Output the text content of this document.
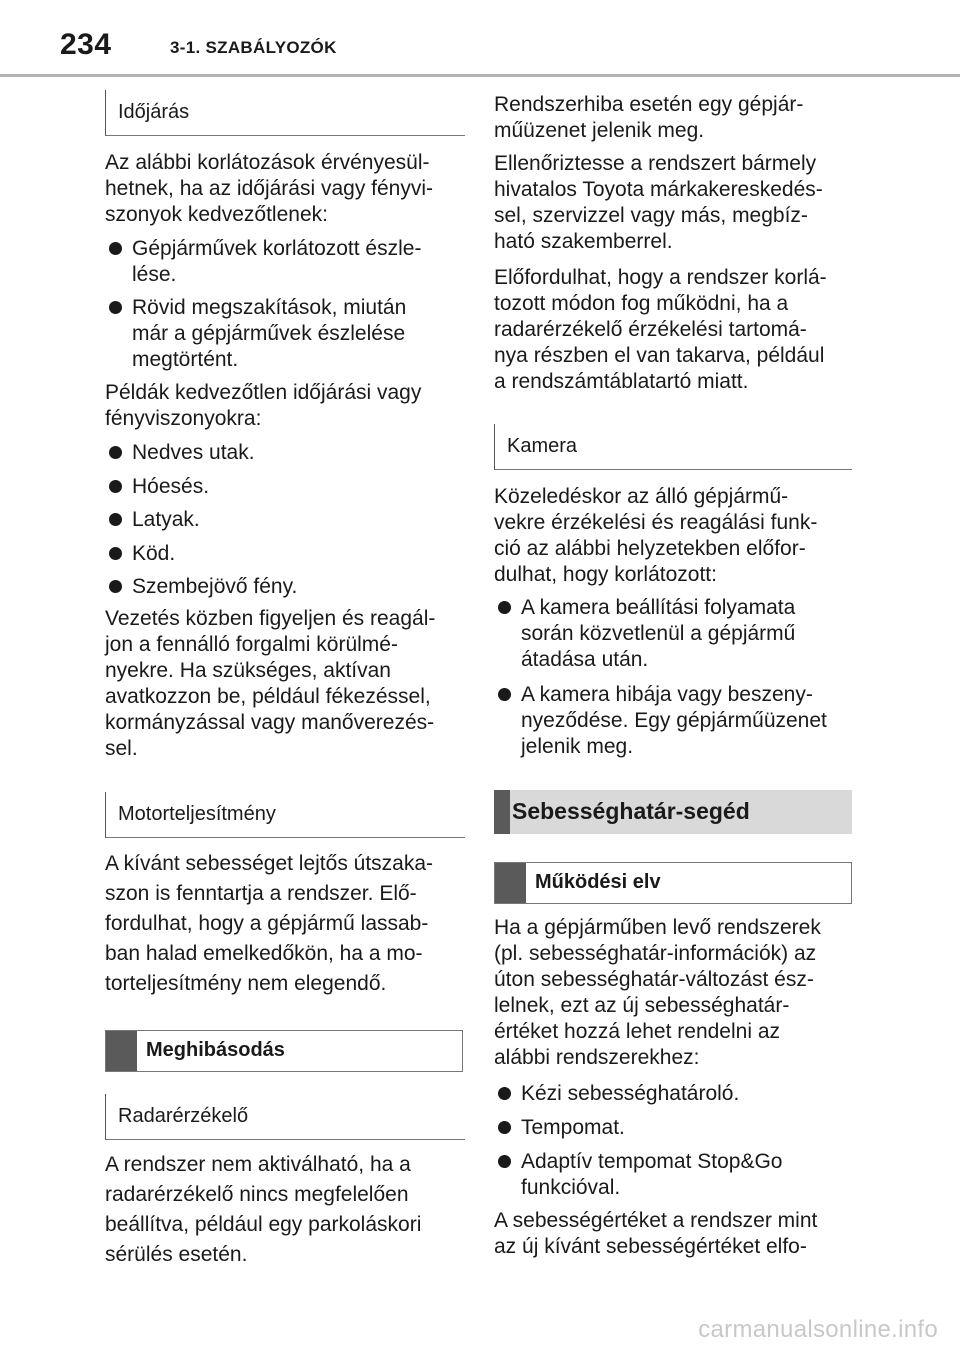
234	3-1. SZABÁLYOZÓK
Időjárás
Az alábbi korlátozások érvényesül-
hetnek, ha az időjárási vagy fényvi-
szonyok kedvezőtlenek:
Gépjárművek korlátozott észle-
lése.
Rövid megszakítások, miután
már a gépjárművek észlelése
megtörtént.
Példák kedvezőtlen időjárási vagy
fényviszonyokra:
Nedves utak.
Hóesés.
Latyak.
Köd.
Szembejövő fény.
Vezetés közben figyeljen és reagál-
jon a fennálló forgalmi körülmé-
nyekre. Ha szükséges, aktívan
avatkozzon be, például fékezéssel,
kormányzással vagy manőverezés-
sel.
Motorteljesítmény
A kívánt sebességet lejtős útszaka-
szon is fenntartja a rendszer. Elő-
fordulhat, hogy a gépjármű lassab-
ban halad emelkedőkön, ha a mo-
torteljesítmény nem elegendő.
Meghibásodás
Radarérzékelő
A rendszer nem aktiválható, ha a
radarérzékelő nincs megfelelően
beállítva, például egy parkoláskori
sérülés esetén.
Rendszerhiba esetén egy gépjár-
műüzenet jelenik meg.
Ellenőriztesse a rendszert bármely
hivatalos Toyota márkakereskedés-
sel, szervizzel vagy más, megbíz-
ható szakemberrel.
Előfordulhat, hogy a rendszer korlá-
tozott módon fog működni, ha a
radarérzékelő érzékelési tartomá-
nya részben el van takarva, például
a rendszámtáblatartó miatt.
Kamera
Közeledéskor az álló gépjármű-
vekre érzékelési és reagálási funk-
ció az alábbi helyzetekben előfor-
dulhat, hogy korlátozott:
A kamera beállítási folyamata
során közvetlenül a gépjármű
átadása után.
A kamera hibája vagy beszeny-
nyeződése. Egy gépjárműüzenet
jelenik meg.
Sebességhatár-segéd
Működési elv
Ha a gépjárműben levő rendszerek
(pl. sebességhatár-információk) az
úton sebességhatár-változást ész-
lelnek, ezt az új sebességhatár-
értéket hozzá lehet rendelni az
alábbi rendszerekhez:
Kézi sebességhatároló.
Tempomat.
Adaptív tempomat Stop&Go
funkcióval.
A sebességértéket a rendszer mint
az új kívánt sebességértéket elfo-
carmanualsonline.info
